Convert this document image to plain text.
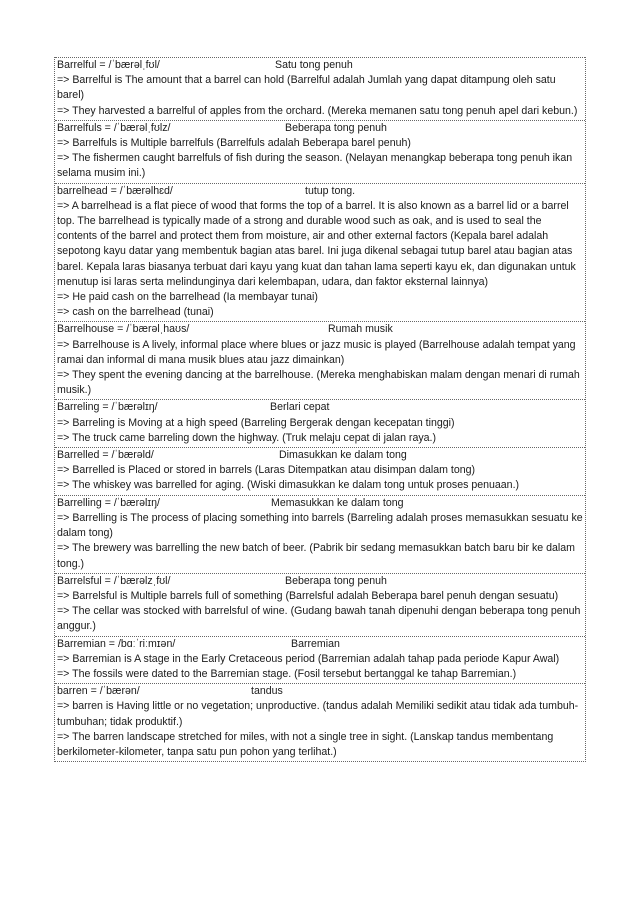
Barrelful = /ˈbærəlˌfʊl/	Satu tong penuh
=> Barrelful is The amount that a barrel can hold (Barrelful adalah Jumlah yang dapat ditampung oleh satu barel)
=> They harvested a barrelful of apples from the orchard. (Mereka memanen satu tong penuh apel dari kebun.)
Barrelfuls = /ˈbærəlˌfʊlz/	Beberapa tong penuh
=> Barrelfuls is Multiple barrelfuls (Barrelfuls adalah Beberapa barel penuh)
=> The fishermen caught barrelfuls of fish during the season. (Nelayan menangkap beberapa tong penuh ikan selama musim ini.)
barrelhead = /ˈbærəlhɛd/	tutup tong.
=> A barrelhead is a flat piece of wood that forms the top of a barrel. It is also known as a barrel lid or a barrel top. The barrelhead is typically made of a strong and durable wood such as oak, and is used to seal the contents of the barrel and protect them from moisture, air and other external factors (Kepala barel adalah sepotong kayu datar yang membentuk bagian atas barel. Ini juga dikenal sebagai tutup barel atau bagian atas barel. Kepala laras biasanya terbuat dari kayu yang kuat dan tahan lama seperti kayu ek, dan digunakan untuk menutup isi laras serta melindunginya dari kelembapan, udara, dan faktor eksternal lainnya)
=> He paid cash on the barrelhead (Ia membayar tunai)
=> cash on the barrelhead (tunai)
Barrelhouse = /ˈbærəlˌhaʊs/	Rumah musik
=> Barrelhouse is A lively, informal place where blues or jazz music is played (Barrelhouse adalah tempat yang ramai dan informal di mana musik blues atau jazz dimainkan)
=> They spent the evening dancing at the barrelhouse. (Mereka menghabiskan malam dengan menari di rumah musik.)
Barreling = /ˈbærəlɪŋ/	Berlari cepat
=> Barreling is Moving at a high speed (Barreling Bergerak dengan kecepatan tinggi)
=> The truck came barreling down the highway. (Truk melaju cepat di jalan raya.)
Barrelled = /ˈbærəld/	Dimasukkan ke dalam tong
=> Barrelled is Placed or stored in barrels (Laras Ditempatkan atau disimpan dalam tong)
=> The whiskey was barrelled for aging. (Wiski dimasukkan ke dalam tong untuk proses penuaan.)
Barrelling = /ˈbærəlɪŋ/	Memasukkan ke dalam tong
=> Barrelling is The process of placing something into barrels (Barreling adalah proses memasukkan sesuatu ke dalam tong)
=> The brewery was barrelling the new batch of beer. (Pabrik bir sedang memasukkan batch baru bir ke dalam tong.)
Barrelsful = /ˈbærəlzˌfʊl/	Beberapa tong penuh
=> Barrelsful is Multiple barrels full of something (Barrelsful adalah Beberapa barel penuh dengan sesuatu)
=> The cellar was stocked with barrelsful of wine. (Gudang bawah tanah dipenuhi dengan beberapa tong penuh anggur.)
Barremian = /bɑːˈriːmɪən/	Barremian
=> Barremian is A stage in the Early Cretaceous period (Barremian adalah tahap pada periode Kapur Awal)
=> The fossils were dated to the Barremian stage. (Fosil tersebut bertanggal ke tahap Barremian.)
barren = /ˈbærən/	tandus
=> barren is Having little or no vegetation; unproductive. (tandus adalah Memiliki sedikit atau tidak ada tumbuh-tumbuhan; tidak produktif.)
=> The barren landscape stretched for miles, with not a single tree in sight. (Lanskap tandus membentang berkilometer-kilometer, tanpa satu pun pohon yang terlihat.)
